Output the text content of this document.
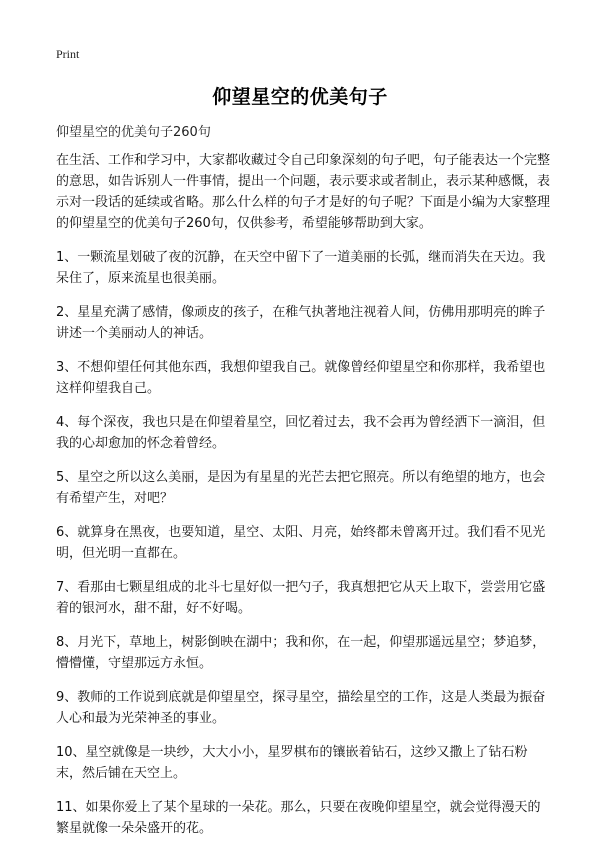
Print
仰望星空的优美句子
仰望星空的优美句子260句

在生活、工作和学习中，大家都收藏过令自己印象深刻的句子吧，句子能表达一个完整的意思，如告诉别人一件事情，提出一个问题，表示要求或者制止，表示某种感慨，表示对一段话的延续或省略。那么什么样的句子才是好的句子呢？下面是小编为大家整理的仰望星空的优美句子260句，仅供参考，希望能够帮助到大家。

1、一颗流星划破了夜的沉静，在天空中留下了一道美丽的长弧，继而消失在天边。我呆住了，原来流星也很美丽。

2、星星充满了感情，像顽皮的孩子，在稚气执著地注视着人间，仿佛用那明亮的眸子讲述一个美丽动人的神话。

3、不想仰望任何其他东西，我想仰望我自己。就像曾经仰望星空和你那样，我希望也这样仰望我自己。

4、每个深夜，我也只是在仰望着星空，回忆着过去，我不会再为曾经洒下一滴泪，但我的心却愈加的怀念着曾经。

5、星空之所以这么美丽，是因为有星星的光芒去把它照亮。所以有绝望的地方，也会有希望产生，对吧？

6、就算身在黑夜，也要知道，星空、太阳、月亮，始终都未曾离开过。我们看不见光明，但光明一直都在。

7、看那由七颗星组成的北斗七星好似一把勺子，我真想把它从天上取下，尝尝用它盛着的银河水，甜不甜，好不好喝。

8、月光下，草地上，树影倒映在湖中；我和你，在一起，仰望那遥远星空；梦追梦，懵懵懂，守望那远方永恒。

9、教师的工作说到底就是仰望星空，探寻星空，描绘星空的工作，这是人类最为振奋人心和最为光荣神圣的事业。

10、星空就像是一块纱，大大小小，星罗棋布的镶嵌着钻石，这纱又撒上了钻石粉末，然后铺在天空上。

11、如果你爱上了某个星球的一朵花。那么，只要在夜晚仰望星空，就会觉得漫天的繁星就像一朵朵盛开的花。
